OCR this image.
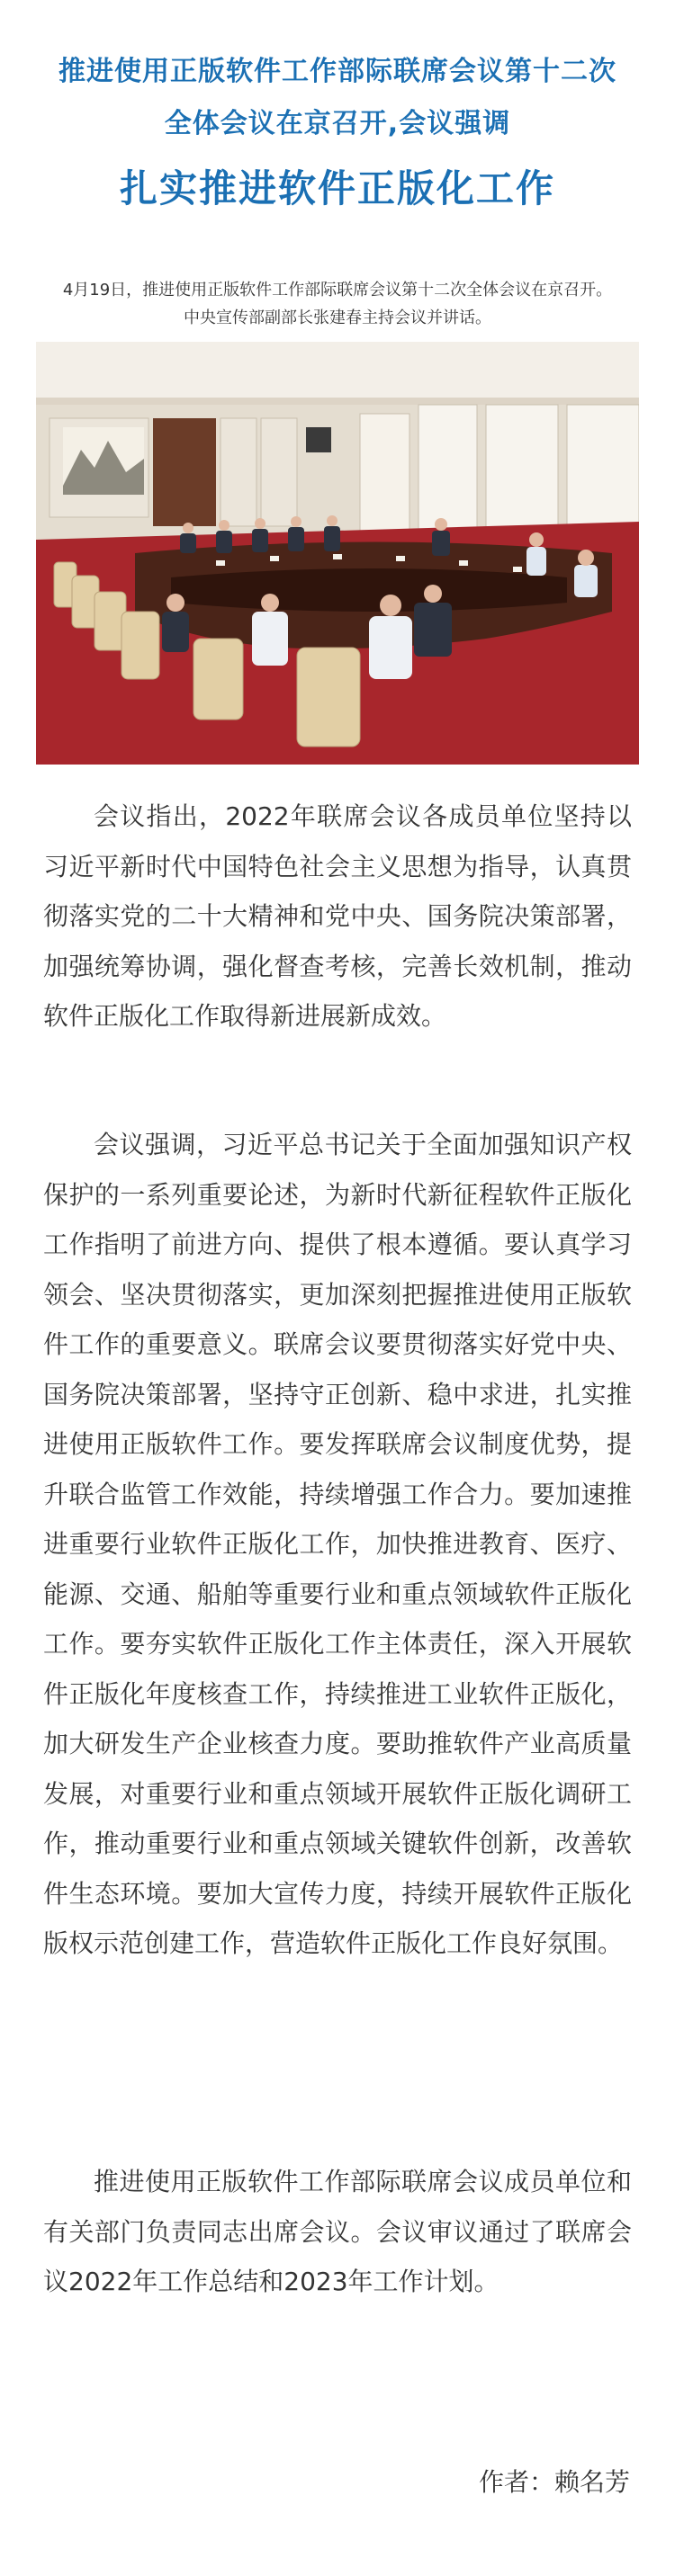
推进使用正版软件工作部际联席会议第十二次
全体会议在京召开,会议强调
扎实推进软件正版化工作
4月19日，推进使用正版软件工作部际联席会议第十二次全体会议在京召开。
中央宣传部副部长张建春主持会议并讲话。

会议指出，2022年联席会议各成员单位坚持以习近平新时代中国特色社会主义思想为指导，认真贯彻落实党的二十大精神和党中央、国务院决策部署，加强统筹协调，强化督查考核，完善长效机制，推动软件正版化工作取得新进展新成效。

会议强调，习近平总书记关于全面加强知识产权保护的一系列重要论述，为新时代新征程软件正版化工作指明了前进方向、提供了根本遵循。要认真学习领会、坚决贯彻落实，更加深刻把握推进使用正版软件工作的重要意义。联席会议要贯彻落实好党中央、国务院决策部署，坚持守正创新、稳中求进，扎实推进使用正版软件工作。要发挥联席会议制度优势，提升联合监管工作效能，持续增强工作合力。要加速推进重要行业软件正版化工作，加快推进教育、医疗、能源、交通、船舶等重要行业和重点领域软件正版化工作。要夯实软件正版化工作主体责任，深入开展软件正版化年度核查工作，持续推进工业软件正版化，加大研发生产企业核查力度。要助推软件产业高质量发展，对重要行业和重点领域开展软件正版化调研工作，推动重要行业和重点领域关键软件创新，改善软件生态环境。要加大宣传力度，持续开展软件正版化版权示范创建工作，营造软件正版化工作良好氛围。

推进使用正版软件工作部际联席会议成员单位和有关部门负责同志出席会议。会议审议通过了联席会议2022年工作总结和2023年工作计划。

作者：赖名芳
